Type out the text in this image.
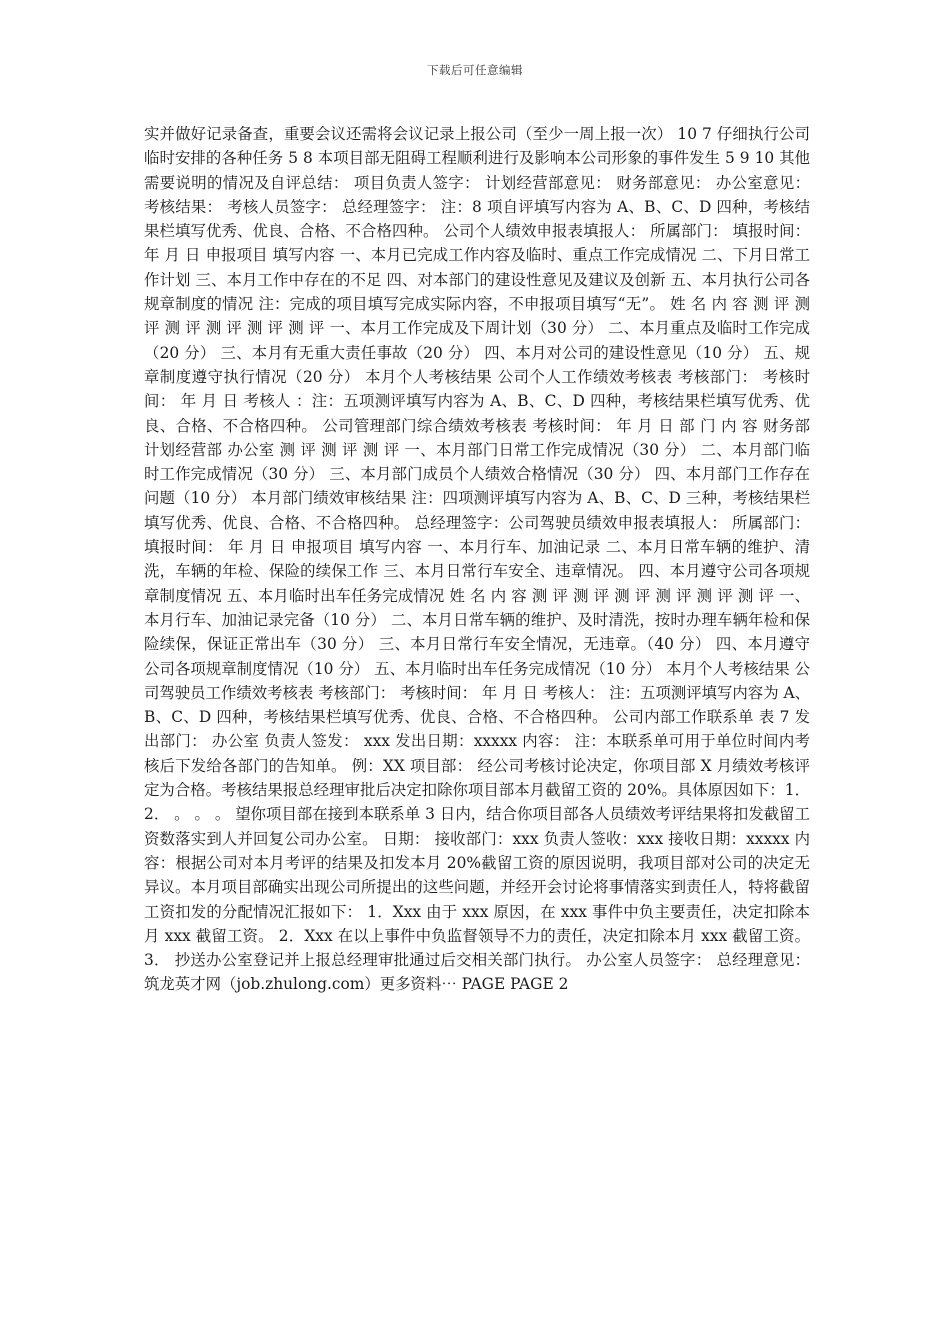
下载后可任意编辑

实并做好记录备查，重要会议还需将会议记录上报公司（至少一周上报一次） 10 7 仔细执行公司临时安排的各种任务 5 8 本项目部无阻碍工程顺利进行及影响本公司形象的事件发生 5 9 10 其他需要说明的情况及自评总结： 项目负责人签字： 计划经营部意见： 财务部意见： 办公室意见： 考核结果： 考核人员签字： 总经理签字： 注：8 项自评填写内容为 A、B、C、D 四种，考核结果栏填写优秀、优良、合格、不合格四种。 公司个人绩效申报表填报人： 所属部门： 填报时间： 年 月 日 申报项目 填写内容 一、本月已完成工作内容及临时、重点工作完成情况 二、下月日常工作计划 三、本月工作中存在的不足 四、对本部门的建设性意见及建议及创新 五、本月执行公司各规章制度的情况 注：完成的项目填写完成实际内容，不申报项目填写“无”。 姓 名 内 容 测 评 测 评 测 评 测 评 测 评 测 评 一、本月工作完成及下周计划（30 分） 二、本月重点及临时工作完成（20 分） 三、本月有无重大责任事故（20 分） 四、本月对公司的建设性意见（10 分） 五、规章制度遵守执行情况（20 分） 本月个人考核结果 公司个人工作绩效考核表 考核部门： 考核时间： 年 月 日 考核人 ：注：五项测评填写内容为 A、B、C、D 四种，考核结果栏填写优秀、优良、合格、不合格四种。 公司管理部门综合绩效考核表 考核时间： 年 月 日 部 门 内 容 财务部 计划经营部 办公室 测 评 测 评 测 评 一、本月部门日常工作完成情况（30 分） 二、本月部门临时工作完成情况（30 分） 三、本月部门成员个人绩效合格情况（30 分） 四、本月部门工作存在问题（10 分） 本月部门绩效审核结果 注：四项测评填写内容为 A、B、C、D 三种，考核结果栏填写优秀、优良、合格、不合格四种。 总经理签字：公司驾驶员绩效申报表填报人： 所属部门： 填报时间： 年 月 日 申报项目 填写内容 一、本月行车、加油记录 二、本月日常车辆的维护、清洗，车辆的年检、保险的续保工作 三、本月日常行车安全、违章情况。 四、本月遵守公司各项规章制度情况 五、本月临时出车任务完成情况 姓 名 内 容 测 评 测 评 测 评 测 评 测 评 测 评 一、本月行车、加油记录完备（10 分） 二、本月日常车辆的维护、及时清洗，按时办理车辆年检和保险续保，保证正常出车（30 分） 三、本月日常行车安全情况，无违章。（40 分） 四、本月遵守公司各项规章制度情况（10 分） 五、本月临时出车任务完成情况（10 分） 本月个人考核结果 公司驾驶员工作绩效考核表 考核部门： 考核时间： 年 月 日 考核人： 注：五项测评填写内容为 A、B、C、D 四种，考核结果栏填写优秀、优良、合格、不合格四种。 公司内部工作联系单 表 7 发出部门： 办公室 负责人签发： xxx 发出日期：xxxxx 内容： 注：本联系单可用于单位时间内考核后下发给各部门的告知单。 例：XX 项目部： 经公司考核讨论决定，你项目部 X 月绩效考核评定为合格。考核结果报总经理审批后决定扣除你项目部本月截留工资的 20%。具体原因如下：1． 2． 。 。 。 望你项目部在接到本联系单 3 日内，结合你项目部各人员绩效考评结果将扣发截留工资数落实到人并回复公司办公室。 日期： 接收部门：xxx 负责人签收：xxx 接收日期：xxxxx 内容：根据公司对本月考评的结果及扣发本月 20%截留工资的原因说明，我项目部对公司的决定无异议。本月项目部确实出现公司所提出的这些问题，并经开会讨论将事情落实到责任人，特将截留工资扣发的分配情况汇报如下： 1．Xxx 由于 xxx 原因，在 xxx 事件中负主要责任，决定扣除本月 xxx 截留工资。 2．Xxx 在以上事件中负监督领导不力的责任，决定扣除本月 xxx 截留工资。 3． 抄送办公室登记并上报总经理审批通过后交相关部门执行。 办公室人员签字： 总经理意见： 筑龙英才网（job.zhulong.com）更多资料⋯ PAGE PAGE 2
